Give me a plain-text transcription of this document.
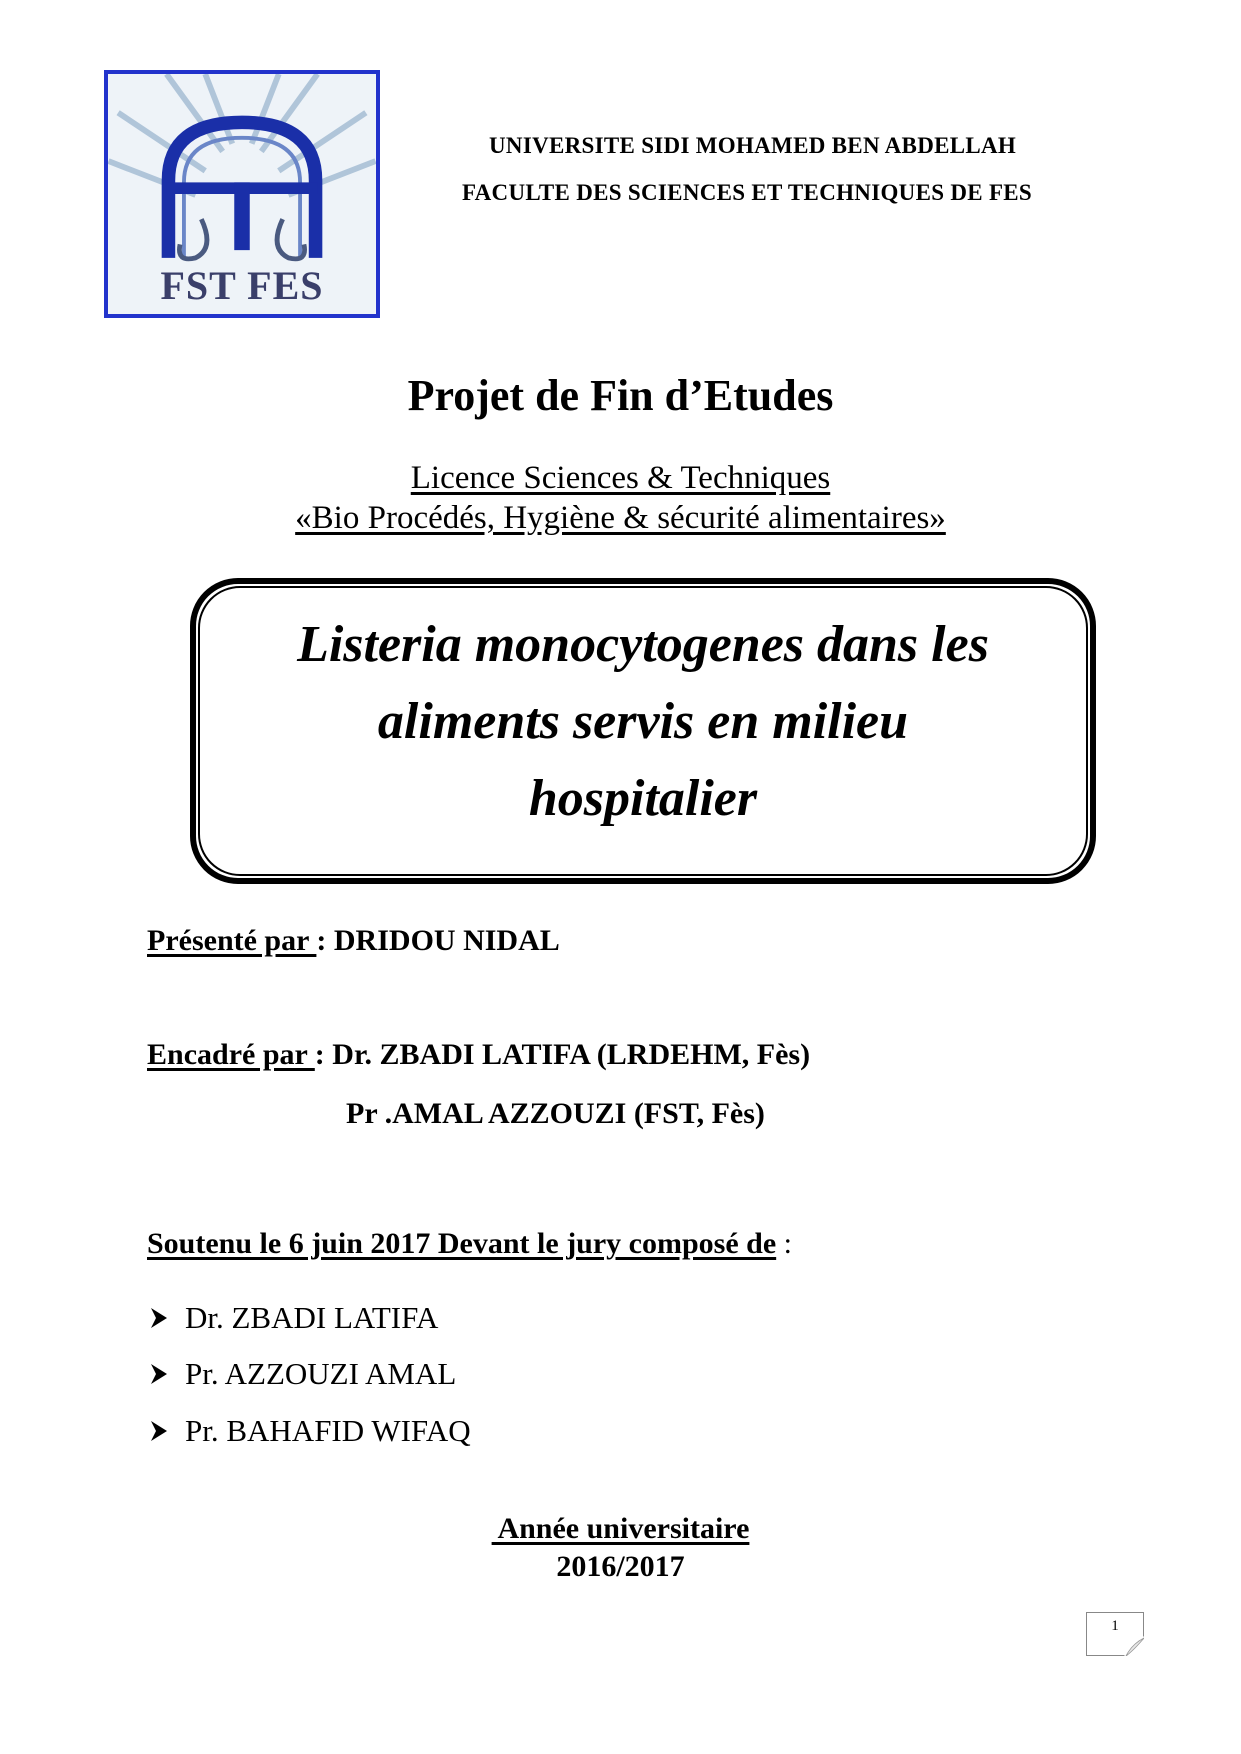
FST FES
UNIVERSITE SIDI MOHAMED BEN ABDELLAH
FACULTE DES SCIENCES ET TECHNIQUES DE FES
Projet de Fin d’Etudes
Licence Sciences & Techniques
«Bio Procédés, Hygiène & sécurité alimentaires»
Listeria monocytogenes dans les
aliments servis en milieu
hospitalier
Présenté par : DRIDOU NIDAL
Encadré par : Dr. ZBADI LATIFA (LRDEHM, Fès)
Pr .AMAL AZZOUZI (FST, Fès)
Soutenu le 6 juin 2017 Devant le jury composé de :
Dr. ZBADI LATIFA
Pr. AZZOUZI AMAL
Pr. BAHAFID WIFAQ
Année universitaire
2016/2017
1
